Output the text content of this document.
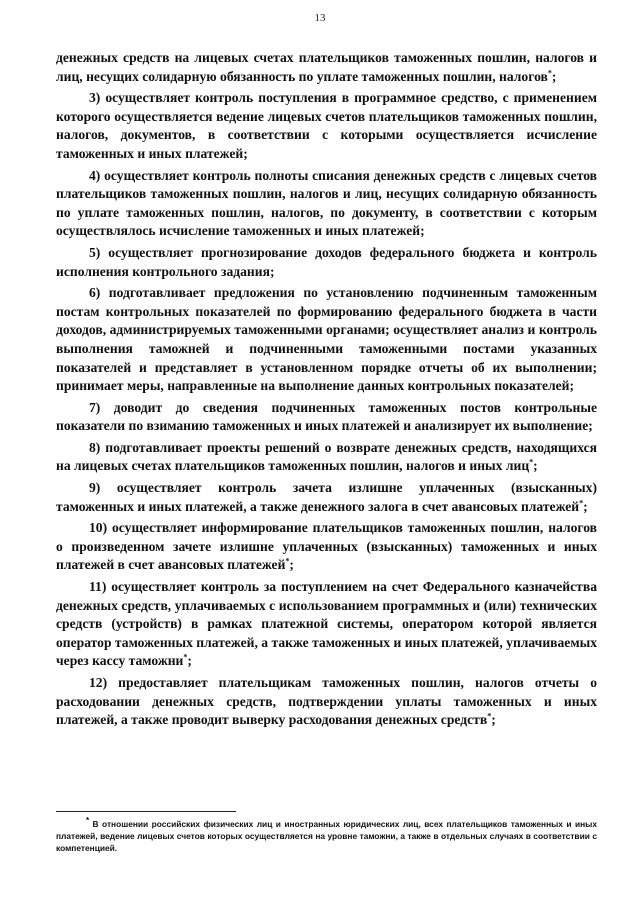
13

денежных средств на лицевых счетах плательщиков таможенных пошлин, налогов и лиц, несущих солидарную обязанность по уплате таможенных пошлин, налогов*;

3) осуществляет контроль поступления в программное средство, с применением которого осуществляется ведение лицевых счетов плательщиков таможенных пошлин, налогов, документов, в соответствии с которыми осуществляется исчисление таможенных и иных платежей;

4) осуществляет контроль полноты списания денежных средств с лицевых счетов плательщиков таможенных пошлин, налогов и лиц, несущих солидарную обязанность по уплате таможенных пошлин, налогов, по документу, в соответствии с которым осуществлялось исчисление таможенных и иных платежей;

5) осуществляет прогнозирование доходов федерального бюджета и контроль исполнения контрольного задания;

6) подготавливает предложения по установлению подчиненным таможенным постам контрольных показателей по формированию федерального бюджета в части доходов, администрируемых таможенными органами; осуществляет анализ и контроль выполнения таможней и подчиненными таможенными постами указанных показателей и представляет в установленном порядке отчеты об их выполнении; принимает меры, направленные на выполнение данных контрольных показателей;

7) доводит до сведения подчиненных таможенных постов контрольные показатели по взиманию таможенных и иных платежей и анализирует их выполнение;

8) подготавливает проекты решений о возврате денежных средств, находящихся на лицевых счетах плательщиков таможенных пошлин, налогов и иных лиц*;

9) осуществляет контроль зачета излишне уплаченных (взысканных) таможенных и иных платежей, а также денежного залога в счет авансовых платежей*;

10) осуществляет информирование плательщиков таможенных пошлин, налогов о произведенном зачете излишне уплаченных (взысканных) таможенных и иных платежей в счет авансовых платежей*;

11) осуществляет контроль за поступлением на счет Федерального казначейства денежных средств, уплачиваемых с использованием программных и (или) технических средств (устройств) в рамках платежной системы, оператором которой является оператор таможенных платежей, а также таможенных и иных платежей, уплачиваемых через кассу таможни*;

12) предоставляет плательщикам таможенных пошлин, налогов отчеты о расходовании денежных средств, подтверждении уплаты таможенных и иных платежей, а также проводит выверку расходования денежных средств*;

* В отношении российских физических лиц и иностранных юридических лиц, всех плательщиков таможенных и иных платежей, ведение лицевых счетов которых осуществляется на уровне таможни, а также в отдельных случаях в соответствии с компетенцией.
